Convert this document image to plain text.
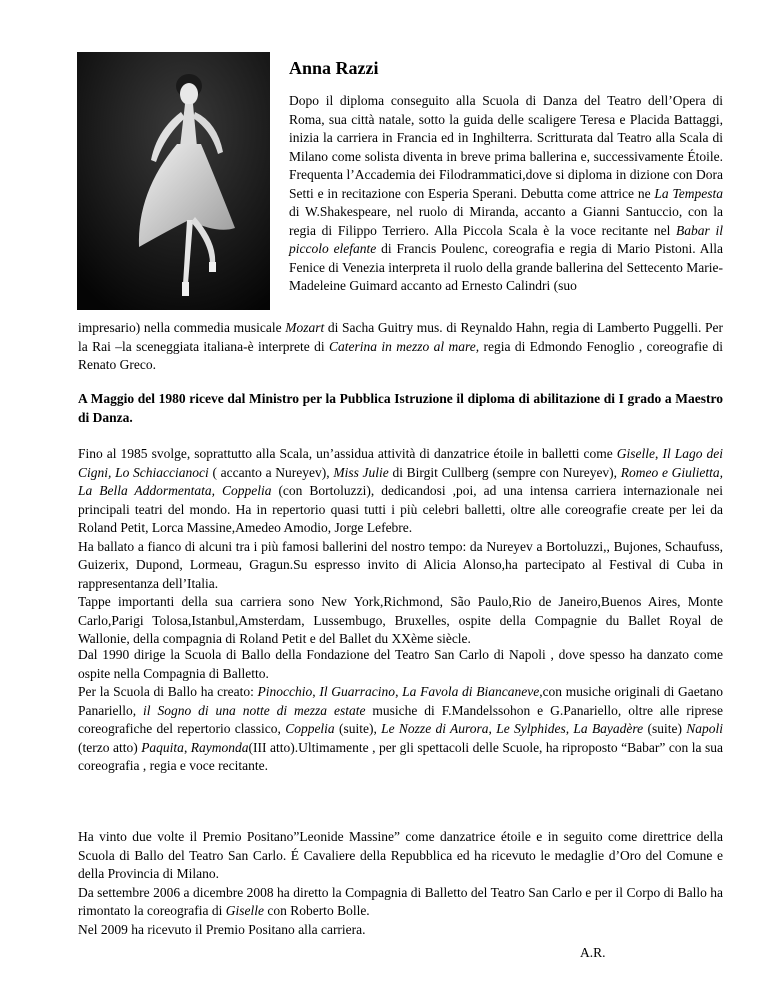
Anna Razzi

Dopo il diploma conseguito alla Scuola di Danza del Teatro dell’Opera di Roma, sua città natale, sotto la guida delle scaligere Teresa e Placida Battaggi, inizia la carriera in Francia ed in Inghilterra. Scritturata dal Teatro alla Scala di Milano come solista diventa in breve prima ballerina e, successivamente Étoile. Frequenta l’Accademia dei Filodrammatici,dove si diploma in dizione con Dora Setti e in recitazione con Esperia Sperani. Debutta come attrice ne La Tempesta di W.Shakespeare, nel ruolo di Miranda, accanto a Gianni Santuccio, con la regia di Filippo Terriero. Alla Piccola Scala è la voce recitante nel Babar il piccolo elefante di Francis Poulenc, coreografia e regia di Mario Pistoni. Alla Fenice di Venezia interpreta il ruolo della grande ballerina del Settecento Marie-Madeleine Guimard accanto ad Ernesto Calindri (suo

impresario) nella commedia musicale Mozart di Sacha Guitry mus. di Reynaldo Hahn, regia di Lamberto Puggelli. Per la Rai –la sceneggiata italiana-è interprete di Caterina in mezzo al mare, regia di Edmondo Fenoglio , coreografie di Renato Greco.

A Maggio del 1980 riceve dal Ministro per la Pubblica Istruzione il diploma di abilitazione di I grado a Maestro di Danza.

Fino al 1985 svolge, soprattutto alla Scala, un’assidua attività di danzatrice étoile in balletti come Giselle, Il Lago dei Cigni, Lo Schiaccianoci ( accanto a Nureyev), Miss Julie di Birgit Cullberg (sempre con Nureyev), Romeo e Giulietta, La Bella Addormentata, Coppelia (con Bortoluzzi), dedicandosi ,poi, ad una intensa carriera internazionale nei principali teatri del mondo. Ha in repertorio quasi tutti i più celebri balletti, oltre alle coreografie create per lei da Roland Petit, Lorca Massine,Amedeo Amodio, Jorge Lefebre.

Ha ballato a fianco di alcuni tra i più famosi ballerini del nostro tempo: da Nureyev a Bortoluzzi,, Bujones, Schaufuss, Guizerix, Dupond, Lormeau, Gragun.Su espresso invito di Alicia Alonso,ha partecipato al Festival di Cuba in rappresentanza dell’Italia.

Tappe importanti della sua carriera sono New York,Richmond, São Paulo,Rio de Janeiro,Buenos Aires, Monte Carlo,Parigi Tolosa,Istanbul,Amsterdam, Lussembugo, Bruxelles, ospite della Compagnie du Ballet Royal de Wallonie, della compagnia di Roland Petit e del Ballet du XXème siècle.

Dal 1990 dirige la Scuola di Ballo della Fondazione del Teatro San Carlo di Napoli , dove spesso ha danzato come ospite nella Compagnia di Balletto.

Per la Scuola di Ballo ha creato: Pinocchio, Il Guarracino, La Favola di Biancaneve,con musiche originali di Gaetano Panariello, il Sogno di una notte di mezza estate musiche di F.Mandelssohon e G.Panariello, oltre alle riprese coreografiche del repertorio classico, Coppelia (suite), Le Nozze di Aurora, Le Sylphides, La Bayadère (suite) Napoli (terzo atto) Paquita, Raymonda(III atto).Ultimamente , per gli spettacoli delle Scuole, ha riproposto “Babar” con la sua coreografia , regia e voce recitante.

Ha vinto due volte il Premio Positano”Leonide Massine” come danzatrice étoile e in seguito come direttrice della Scuola di Ballo del Teatro San Carlo. É Cavaliere della Repubblica ed ha ricevuto le medaglie d’Oro del Comune e della Provincia di Milano.

Da settembre 2006 a dicembre 2008 ha diretto la Compagnia di Balletto del Teatro San Carlo e per il Corpo di Ballo ha rimontato la coreografia di Giselle con Roberto Bolle.

Nel 2009 ha ricevuto il Premio Positano alla carriera.

A.R.
